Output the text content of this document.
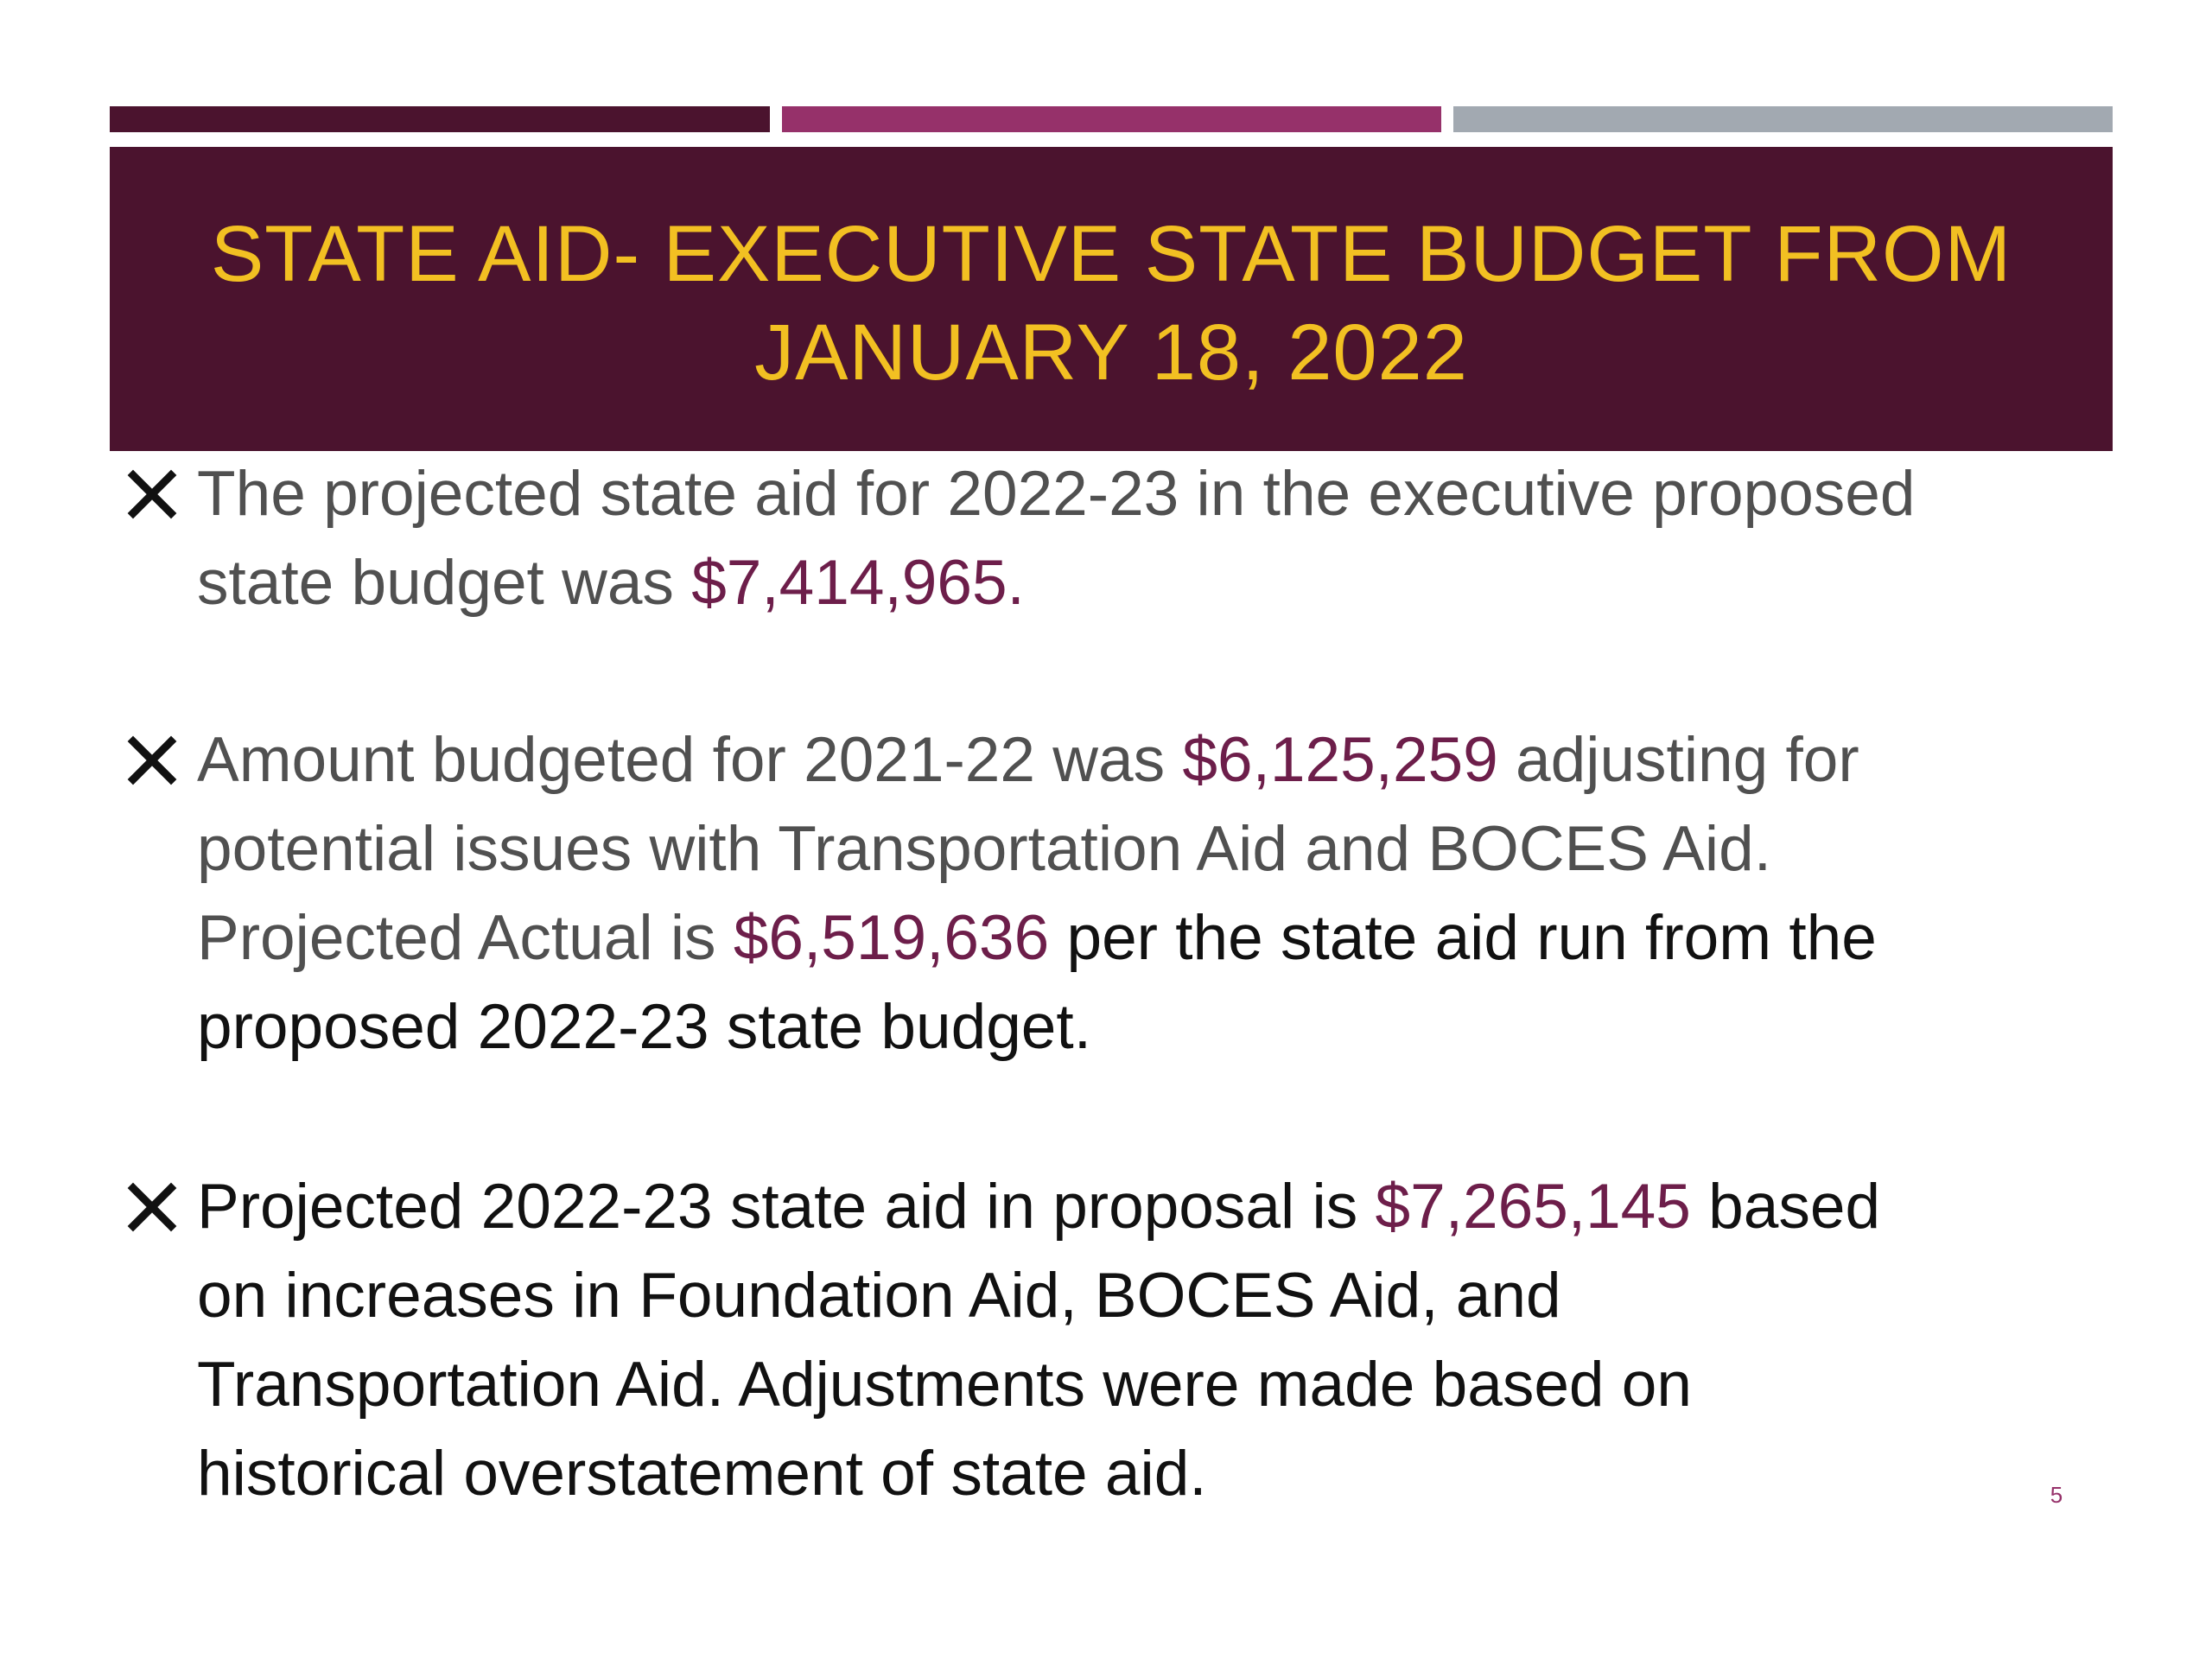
STATE AID- EXECUTIVE STATE BUDGET FROM
JANUARY 18, 2022

The projected state aid for 2022-23 in the executive proposed
state budget was $7,414,965.

Amount budgeted for 2021-22 was $6,125,259 adjusting for
potential issues with Transportation Aid and BOCES Aid.
Projected Actual is $6,519,636 per the state aid run from the
proposed 2022-23 state budget.

Projected 2022-23 state aid in proposal is $7,265,145 based
on increases in Foundation Aid, BOCES Aid, and
Transportation Aid. Adjustments were made based on
historical overstatement of state aid.	5
